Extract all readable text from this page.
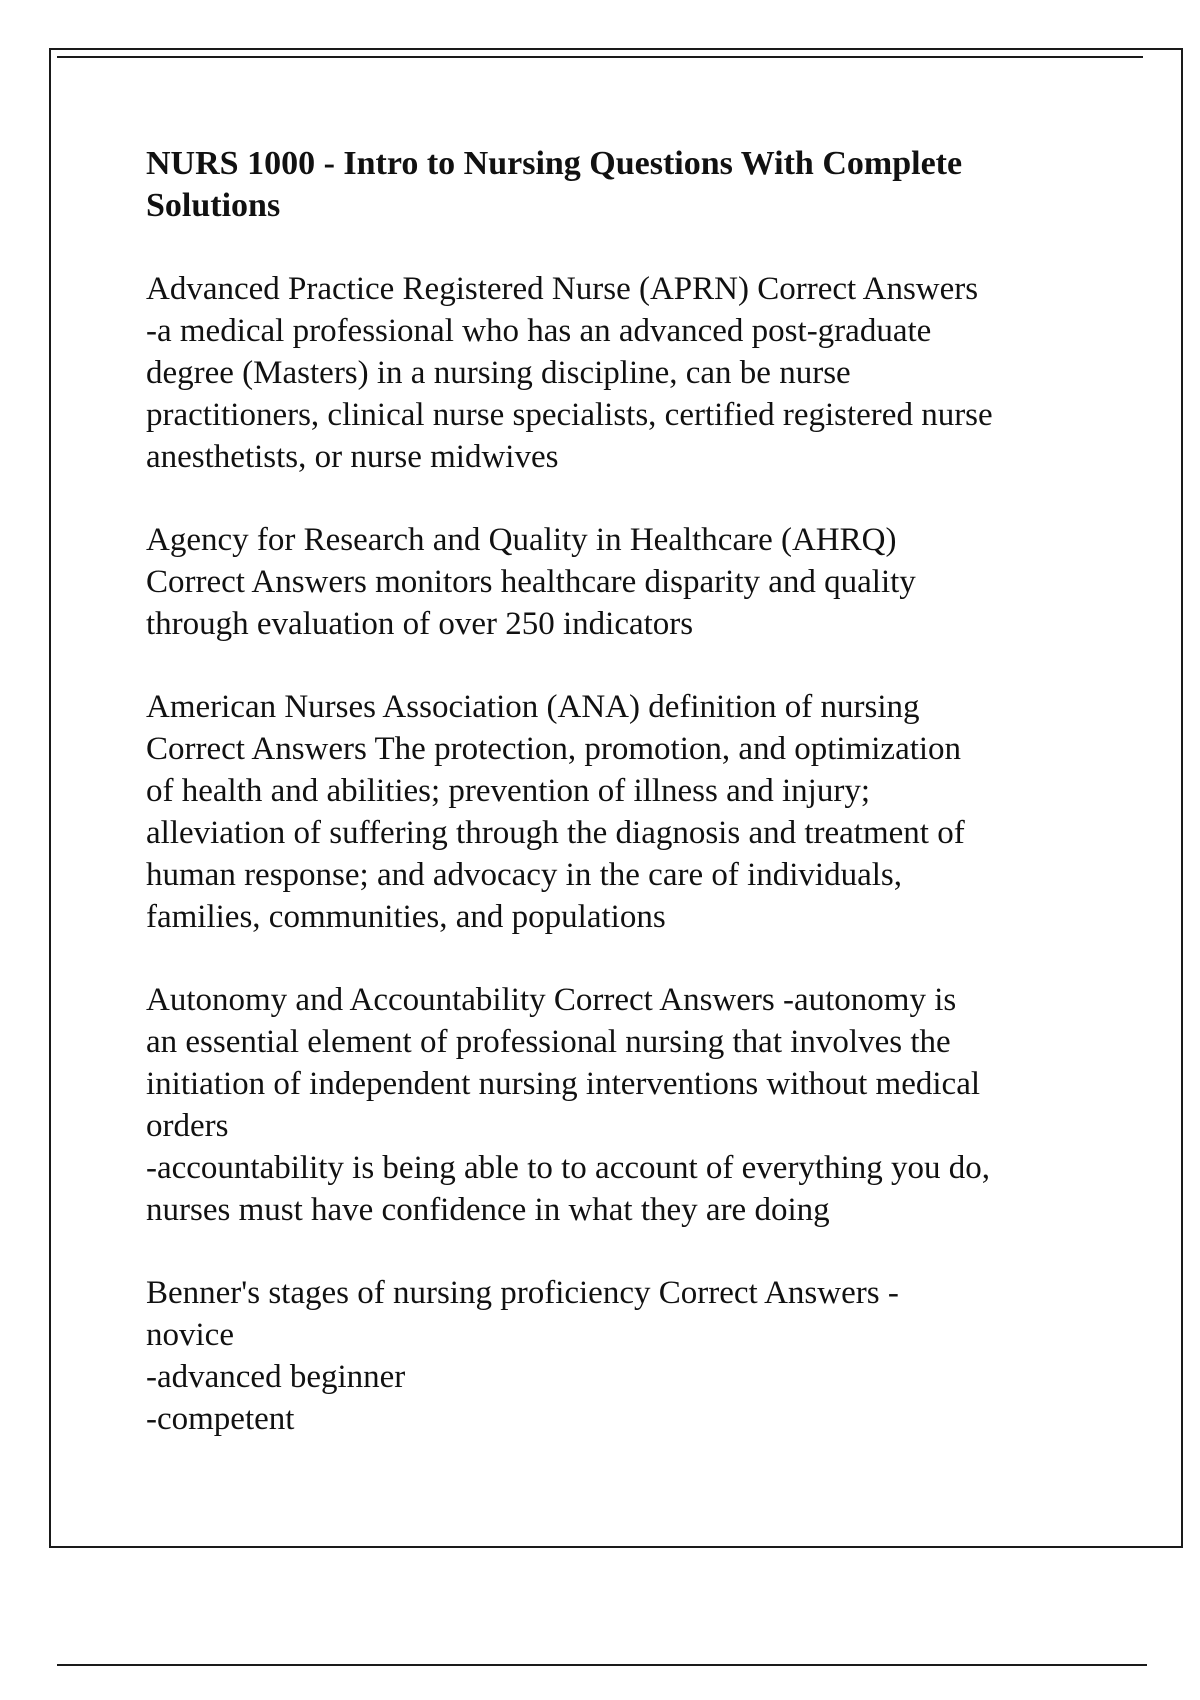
NURS 1000 - Intro to Nursing Questions With Complete Solutions
Advanced Practice Registered Nurse (APRN) Correct Answers
-a medical professional who has an advanced post-graduate
degree (Masters) in a nursing discipline, can be nurse
practitioners, clinical nurse specialists, certified registered nurse
anesthetists, or nurse midwives
Agency for Research and Quality in Healthcare (AHRQ)
Correct Answers monitors healthcare disparity and quality
through evaluation of over 250 indicators
American Nurses Association (ANA) definition of nursing
Correct Answers The protection, promotion, and optimization
of health and abilities; prevention of illness and injury;
alleviation of suffering through the diagnosis and treatment of
human response; and advocacy in the care of individuals,
families, communities, and populations
Autonomy and Accountability Correct Answers -autonomy is
an essential element of professional nursing that involves the
initiation of independent nursing interventions without medical
orders
-accountability is being able to to account of everything you do,
nurses must have confidence in what they are doing
Benner's stages of nursing proficiency Correct Answers -
novice
-advanced beginner
-competent
